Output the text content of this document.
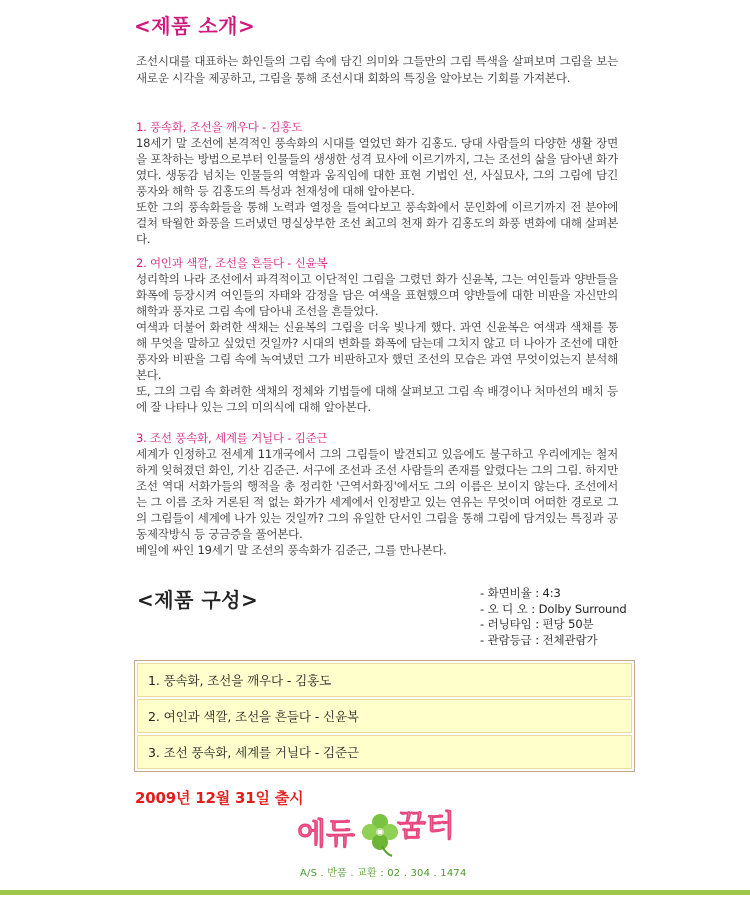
<제품 소개>
조선시대를 대표하는 화인들의 그림 속에 담긴 의미와 그들만의 그림 특색을 살펴보며 그림을 보는 새로운 시각을 제공하고, 그림을 통해 조선시대 회화의 특징을 알아보는 기회를 가져본다.
1. 풍속화, 조선을 깨우다 - 김홍도

18세기 말 조선에 본격적인 풍속화의 시대를 열었던 화가 김홍도. 당대 사람들의 다양한 생활 장면을 포착하는 방법으로부터 인물들의 생생한 성격 묘사에 이르기까지, 그는 조선의 삶을 담아낸 화가였다. 생동감 넘치는 인물들의 역할과 움직임에 대한 표현 기법인 선, 사실묘사, 그의 그림에 담긴 풍자와 해학 등 김홍도의 특성과 천재성에 대해 알아본다.

또한 그의 풍속화들을 통해 노력과 열정을 들여다보고 풍속화에서 문인화에 이르기까지 전 분야에 걸쳐 탁월한 화풍을 드러냈던 명실상부한 조선 최고의 천재 화가 김홍도의 화풍 변화에 대해 살펴본다.

2. 여인과 색깔, 조선을 흔들다 - 신윤복

성리학의 나라 조선에서 파격적이고 이단적인 그림을 그렸던 화가 신윤복, 그는 여인들과 양반들을 화폭에 등장시켜 여인들의 자태와 감정을 담은 여색을 표현했으며 양반들에 대한 비판을 자신만의 해학과 풍자로 그림 속에 담아내 조선을 흔들었다.

여색과 더불어 화려한 색채는 신윤복의 그림을 더욱 빛나게 했다. 과연 신윤복은 여색과 색채를 통해 무엇을 말하고 싶었던 것일까? 시대의 변화를 화폭에 담는데 그치지 않고 더 나아가 조선에 대한 풍자와 비판을 그림 속에 녹여냈던 그가 비판하고자 했던 조선의 모습은 과연 무엇이었는지 분석해 본다.

또, 그의 그림 속 화려한 색채의 정체와 기법들에 대해 살펴보고 그림 속 배경이나 처마선의 배치 등에 잘 나타나 있는 그의 미의식에 대해 알아본다.

3. 조선 풍속화, 세계를 거닐다 - 김준근

세계가 인정하고 전세계 11개국에서 그의 그림들이 발견되고 있음에도 불구하고 우리에게는 철저하게 잊혀졌던 화인, 기산 김준근. 서구에 조선과 조선 사람들의 존재를 알렸다는 그의 그림. 하지만 조선 역대 서화가들의 행적을 총 정리한 '근역서화징'에서도 그의 이름은 보이지 않는다. 조선에서는 그 이름 조차 거론된 적 없는 화가가 세계에서 인정받고 있는 연유는 무엇이며 어떠한 경로로 그의 그림들이 세계에 나가 있는 것일까? 그의 유일한 단서인 그림을 통해 그림에 담겨있는 특징과 공동제작방식 등 궁금증을 풀어본다.

베일에 싸인 19세기 말 조선의 풍속화가 김준근, 그를 만나본다.

<제품 구성>	- 화면비율 : 4:3
- 오 디 오 : Dolby Surround
- 러닝타임 : 편당 50분
- 관람등급 : 전체관람가
1. 풍속화, 조선을 깨우다 - 김홍도
2. 여인과 색깔, 조선을 흔들다 - 신윤복
3. 조선 풍속화, 세계를 거닐다 - 김준근
2009년 12월 31일 출시
에듀 꿈터
A/S . 반품 . 교환 : 02 . 304 . 1474
